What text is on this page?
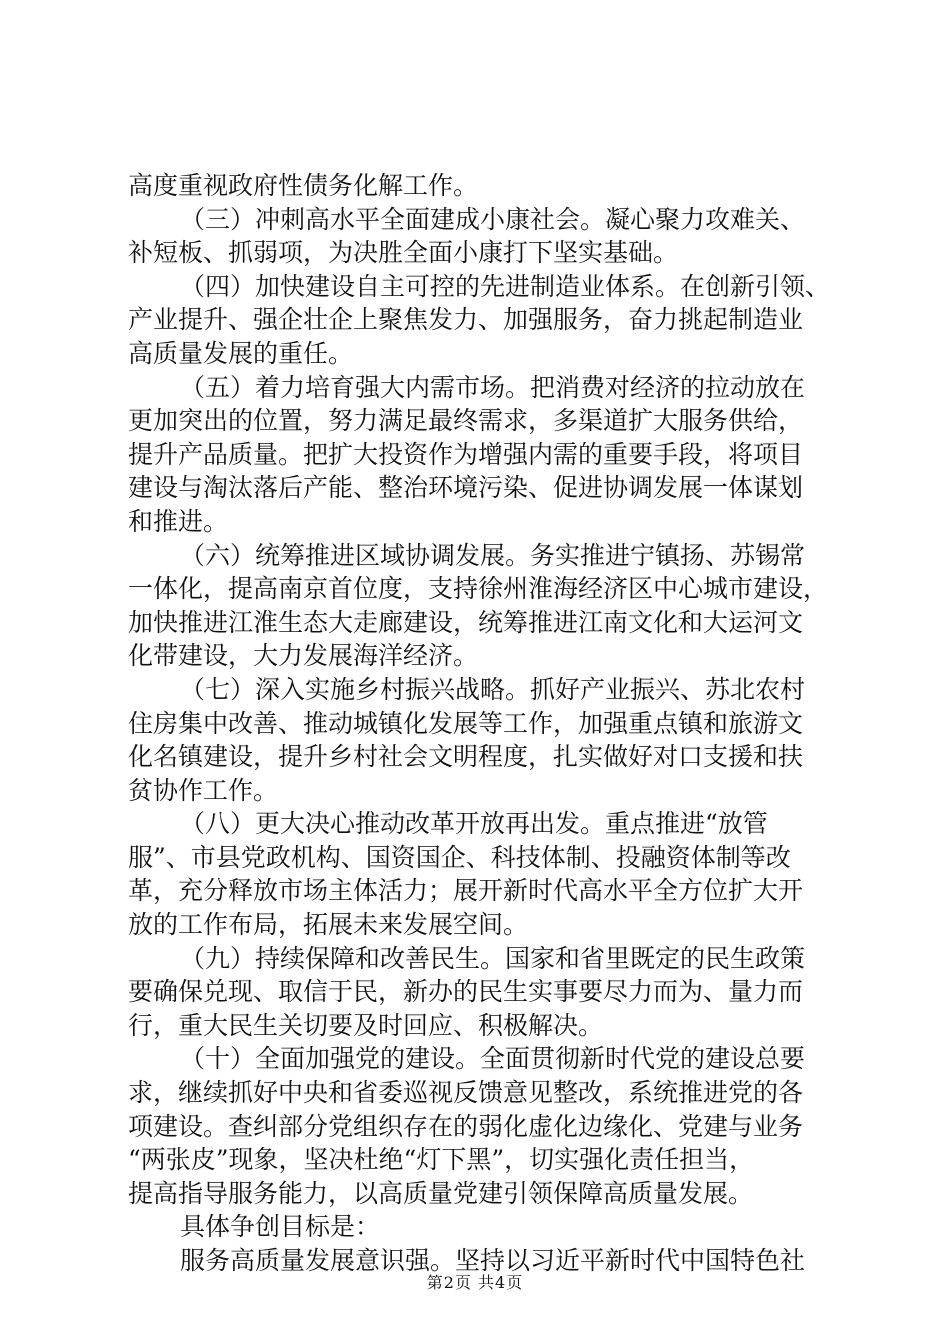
高度重视政府性债务化解工作。
（三）冲刺高水平全面建成小康社会。凝心聚力攻难关、
补短板、抓弱项，为决胜全面小康打下坚实基础。
（四）加快建设自主可控的先进制造业体系。在创新引领、
产业提升、强企壮企上聚焦发力、加强服务，奋力挑起制造业
高质量发展的重任。
（五）着力培育强大内需市场。把消费对经济的拉动放在
更加突出的位置，努力满足最终需求，多渠道扩大服务供给，
提升产品质量。把扩大投资作为增强内需的重要手段，将项目
建设与淘汰落后产能、整治环境污染、促进协调发展一体谋划
和推进。
（六）统筹推进区域协调发展。务实推进宁镇扬、苏锡常
一体化，提高南京首位度，支持徐州淮海经济区中心城市建设，
加快推进江淮生态大走廊建设，统筹推进江南文化和大运河文
化带建设，大力发展海洋经济。
（七）深入实施乡村振兴战略。抓好产业振兴、苏北农村
住房集中改善、推动城镇化发展等工作，加强重点镇和旅游文
化名镇建设，提升乡村社会文明程度，扎实做好对口支援和扶
贫协作工作。
（八）更大决心推动改革开放再出发。重点推进“放管
服”、市县党政机构、国资国企、科技体制、投融资体制等改
革，充分释放市场主体活力；展开新时代高水平全方位扩大开
放的工作布局，拓展未来发展空间。
（九）持续保障和改善民生。国家和省里既定的民生政策
要确保兑现、取信于民，新办的民生实事要尽力而为、量力而
行，重大民生关切要及时回应、积极解决。
（十）全面加强党的建设。全面贯彻新时代党的建设总要
求，继续抓好中央和省委巡视反馈意见整改，系统推进党的各
项建设。查纠部分党组织存在的弱化虚化边缘化、党建与业务
“两张皮”现象，坚决杜绝“灯下黑”，切实强化责任担当，
提高指导服务能力，以高质量党建引领保障高质量发展。
具体争创目标是：
服务高质量发展意识强。坚持以习近平新时代中国特色社
第2页 共4页
